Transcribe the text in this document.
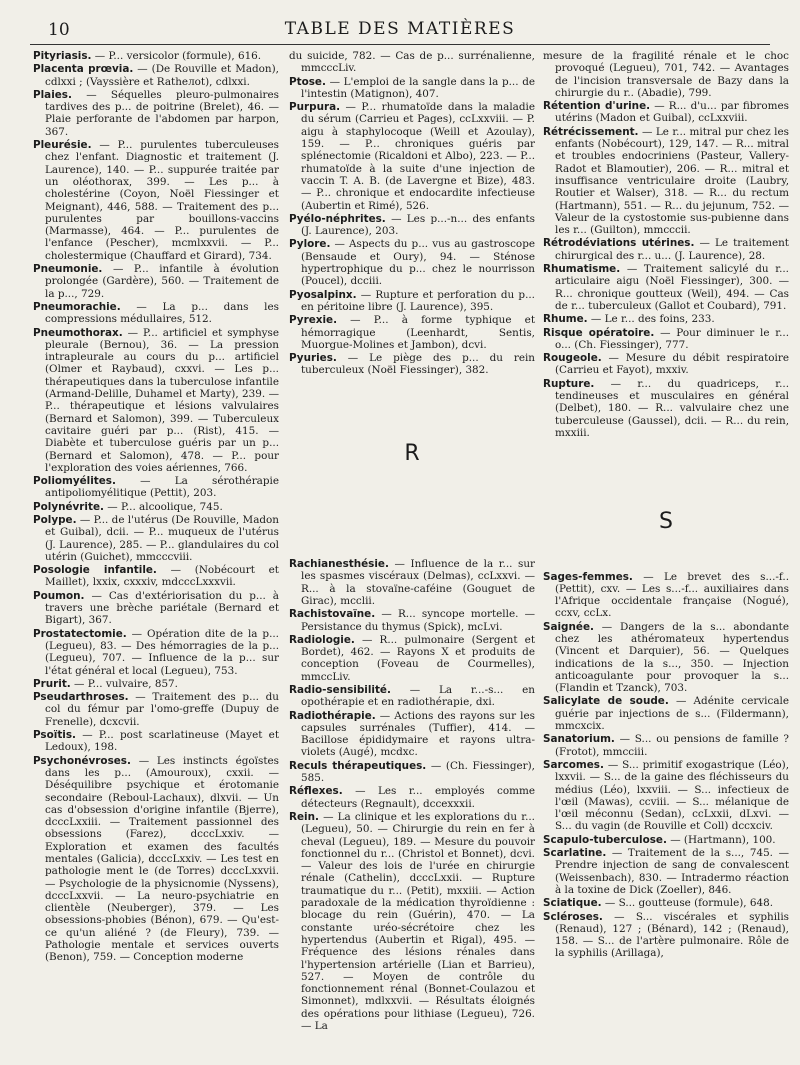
10	TABLE DES MATIÈRES
Pityriasis. — P... versicolor (formule), 616.
Placenta prœvia. — (De Rouville et Madon), cdlxxi ; (Vayssière et Ratheлot), cdlxxi.
Plaies. — Séquelles pleuro-pulmonaires tardives des p... de poitrine (Brelet), 46. — Plaie perforante de l'abdomen par harpon, 367.
Pleurésie. — P... purulentes tuberculeuses chez l'enfant. Diagnostic et traitement (J. Laurence), 140. — P... suppurée traitée par un oléothorax, 399. — Les p... à cholestérine (Coyon, Noël Fiessinger et Meignant), 446, 588. — Traitement des p... purulentes par bouillons-vaccins (Marmasse), 464. — P... purulentes de l'enfance (Pescher), mcmlxxvii. — P... cholestermique (Chauffard et Girard), 734.
Pneumonie. — P... infantile à évolution prolongée (Gardère), 560. — Traitement de la p..., 729.
Pneumorachie. — La p... dans les compressions médullaires, 512.
Pneumothorax. — P... artificiel et symphyse pleurale (Bernou), 36. — La pression intrapleurale au cours du p... artificiel (Olmer et Raybaud), cxxvi. — Les p... thérapeutiques dans la tuberculose infantile (Armand-Delille, Duhamel et Marty), 239. — P... thérapeutique et lésions valvulaires (Bernard et Salomon), 399. — Tuberculeux cavitaire guéri par p... (Rist), 415. — Diabète et tuberculose guéris par un p... (Bernard et Salomon), 478. — P... pour l'exploration des voies aériennes, 766.
Poliomyélites. — La sérothérapie antipoliomyélitique (Pettit), 203.
Polynévrite. — P... alcoolique, 745.
Polype. — P... de l'utérus (De Rouville, Madon et Guibal), dcii. — P... muqueux de l'utérus (J. Laurence), 285. — P... glandulaires du col utérin (Guichet), mmcccviii.
Posologie infantile. — (Nobécourt et Maillet), lxxix, cxxxiv, mdcccLxxxvii.
Poumon. — Cas d'extériorisation du p... à travers une brèche pariétale (Bernard et Bigart), 367.
Prostatectomie. — Opération dite de la p... (Legueu), 83. — Des hémorragies de la p... (Legueu), 707. — Influence de la p... sur l'état général et local (Legueu), 753.
Prurit. — P... vulvaire, 857.
Pseudarthroses. — Traitement des p... du col du fémur par l'omo-greffe (Dupuy de Frenelle), dcxcvii.
Psoïtis. — P... post scarlatineuse (Mayet et Ledoux), 198.
Psychonévroses. — Les instincts égoïstes dans les p... (Amouroux), cxxii. — Déséquilibre psychique et érotomanie secondaire (Reboul-Lachaux), dlxvii. — Un cas d'obsession d'origine infantile (Bjerre), dcccLxxiii. — Traitement passionnel des obsessions (Farez), dcccLxxiv. — Exploration et examen des facultés mentales (Galicia), dcccLxxiv. — Les test en pathologie ment le (de Torres) dcccLxxvii. — Psychologie de la physicnomie (Nyssens), dcccLxxvii. — La neuro-psychiatrie en clientèle (Neuberger), 379. — Les obsessions-phobies (Bénon), 679. — Qu'est-ce qu'un aliéné ? (de Fleury), 739. — Pathologie mentale et services ouverts (Benon), 759. — Conception moderne
du suicide, 782. — Cas de p... surrénalienne, mmcccLiv.
Ptose. — L'emploi de la sangle dans la p... de l'intestin (Matignon), 407.
Purpura. — P... rhumatoïde dans la maladie du sérum (Carrieu et Pages), ccLxxviii. — P. aigu à staphylocoque (Weill et Azoulay), 159. — P... chroniques guéris par splénectomie (Ricaldoni et Albo), 223. — P... rhumatoïde à la suite d'une injection de vaccin T. A. B. (de Lavergne et Bize), 483. — P... chronique et endocardite infectieuse (Aubertin et Rimé), 526.
Pyélo-néphrites. — Les p...-n... des enfants (J. Laurence), 203.
Pylore. — Aspects du p... vus au gastroscope (Bensaude et Oury), 94. — Sténose hypertrophique du p... chez le nourrisson (Poucel), dcciii.
Pyosalpinx. — Rupture et perforation du p... en péritoine libre (J. Laurence), 395.
Pyrexie. — P... à forme typhique et hémorragique (Leenhardt, Sentis, Muorgue-Molines et Jambon), dcvi.
Pyuries. — Le piège des p... du rein tuberculeux (Noël Fiessinger), 382.
R
Rachianesthésie. — Influence de la r... sur les spasmes viscéraux (Delmas), ccLxxvi. — R... à la stovaïne-caféine (Gouguet de Girac), mcclii.
Rachistovaïne. — R... syncope mortelle. — Persistance du thymus (Spick), mcLvi.
Radiologie. — R... pulmonaire (Sergent et Bordet), 462. — Rayons X et produits de conception (Foveau de Courmelles), mmccLiv.
Radio-sensibilité. — La r...-s... en opothérapie et en radiothérapie, dxi.
Radiothérapie. — Actions des rayons sur les capsules surrénales (Tuffier), 414. — Bacillose épididymaire et rayons ultra-violets (Augé), mcdxc.
Reculs thérapeutiques. — (Ch. Fiessinger), 585.
Réflexes. — Les r... employés comme détecteurs (Regnault), dccexxxii.
Rein. — La clinique et les explorations du r... (Legueu), 50. — Chirurgie du rein en fer à cheval (Legueu), 189. — Mesure du pouvoir fonctionnel du r... (Christol et Bonnet), dcvi. — Valeur des lois de l'urée en chirurgie rénale (Cathelin), dcccLxxii. — Rupture traumatique du r... (Petit), mxxiii. — Action paradoxale de la médication thyroïdienne : blocage du rein (Guérin), 470. — La constante uréo-sécrétoire chez les hypertendus (Aubertin et Rigal), 495. — Fréquence des lésions rénales dans l'hypertension artérielle (Lian et Barrieu), 527. — Moyen de contrôle du fonctionnement rénal (Bonnet-Coulazou et Simonnet), mdlxxvii. — Résultats éloignés des opérations pour lithiase (Legueu), 726. — La
mesure de la fragilité rénale et le choc provoqué (Legueu), 701, 742. — Avantages de l'incision transversale de Bazy dans la chirurgie du r.. (Abadie), 799.
Rétention d'urine. — R... d'u... par fibromes utérins (Madon et Guibal), ccLxxviii.
Rétrécissement. — Le r... mitral pur chez les enfants (Nobécourt), 129, 147. — R... mitral et troubles endocriniens (Pasteur, Vallery-Radot et Blamoutier), 206. — R... mitral et insuffisance ventriculaire droite (Laubry, Routier et Walser), 318. — R... du rectum (Hartmann), 551. — R... du jejunum, 752. — Valeur de la cystostomie sus-pubienne dans les r... (Guilton), mmcccii.
Rétrodéviations utérines. — Le traitement chirurgical des r... u... (J. Laurence), 28.
Rhumatisme. — Traitement salicylé du r... articulaire aigu (Noël Fiessinger), 300. — R... chronique goutteux (Weil), 494. — Cas de r... tuberculeux (Gallot et Coubard), 791.
Rhume. — Le r... des foins, 233.
Risque opératoire. — Pour diminuer le r... o... (Ch. Fiessinger), 777.
Rougeole. — Mesure du débit respiratoire (Carrieu et Fayot), mxxiv.
Rupture. — r... du quadriceps, r... tendineuses et musculaires en général (Delbet), 180. — R... valvulaire chez une tuberculeuse (Gaussel), dcii. — R... du rein, mxxiii.
S
Sages-femmes. — Le brevet des s...-f.. (Pettit), cxv. — Les s...-f... auxiliaires dans l'Afrique occidentale française (Nogué), ccxv, ccLx.
Saignée. — Dangers de la s... abondante chez les athéromateux hypertendus (Vincent et Darquier), 56. — Quelques indications de la s..., 350. — Injection anticoagulante pour provoquer la s... (Flandin et Tzanck), 703.
Salicylate de soude. — Adénite cervicale guérie par injections de s... (Fildermann), mmcxcix.
Sanatorium. — S... ou pensions de famille ? (Frotot), mmcciii.
Sarcomes. — S... primitif exogastrique (Léo), lxxvii. — S... de la gaine des fléchisseurs du médius (Léo), lxxviii. — S... infectieux de l'œil (Mawas), ccviii. — S... mélanique de l'œil méconnu (Sedan), ccLxxii, dLxvi. — S... du vagin (de Rouville et Coll) dccxciv.
Scapulo-tuberculose. — (Hartmann), 100.
Scarlatine. — Traitement de la s..., 745. — Prendre injection de sang de convalescent (Weissenbach), 830. — Intradermo réaction à la toxine de Dick (Zoeller), 846.
Sciatique. — S... goutteuse (formule), 648.
Scléroses. — S... viscérales et syphilis (Renaud), 127 ; (Bénard), 142 ; (Renaud), 158. — S... de l'artère pulmonaire. Rôle de la syphilis (Arillaga),
